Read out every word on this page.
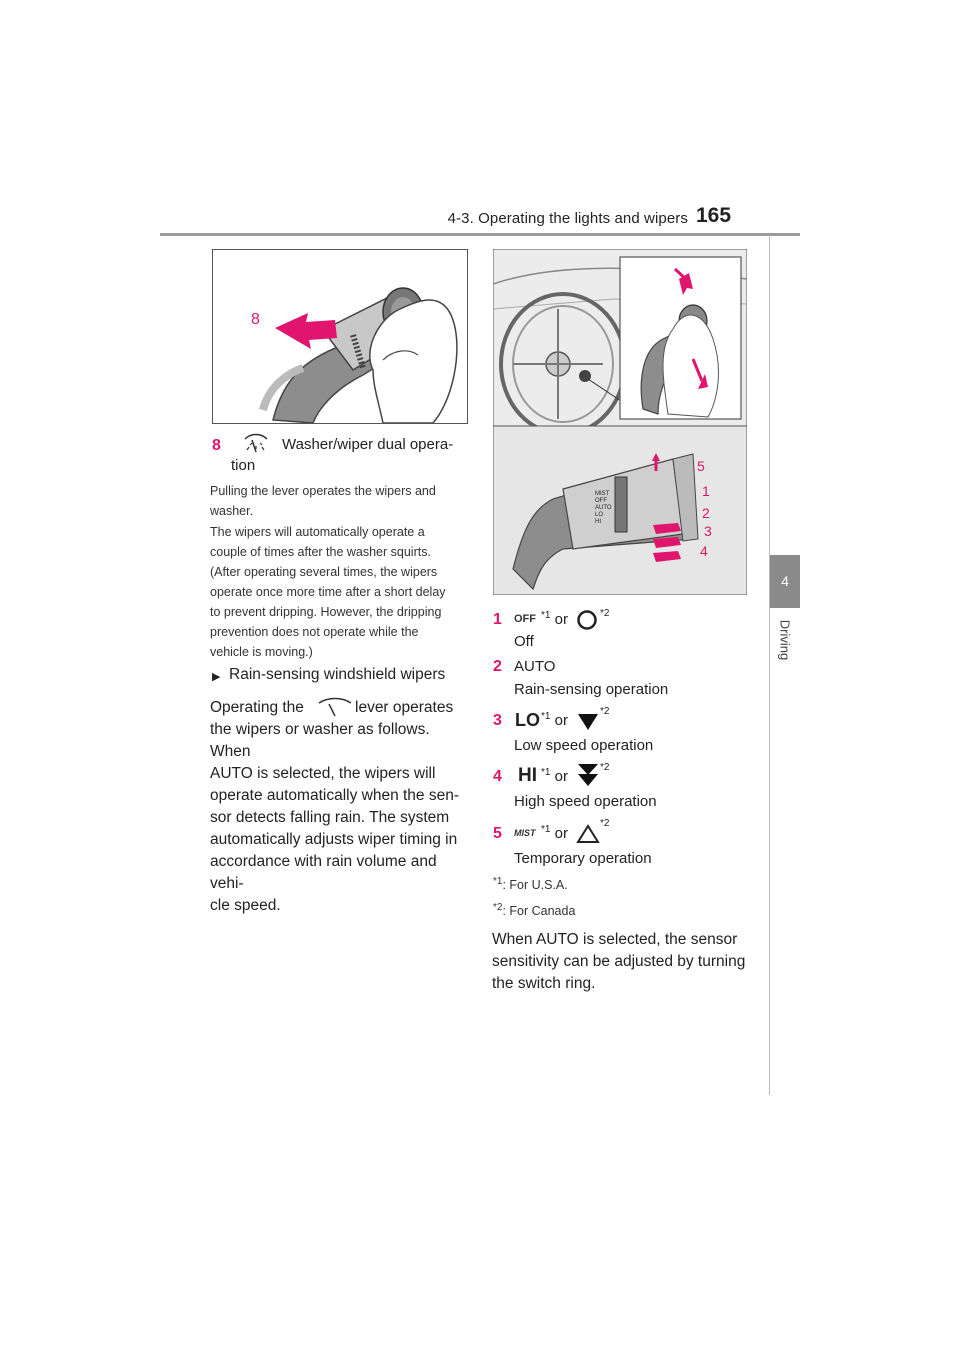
4-3. Operating the lights and wipers 165
4
Driving
8
MIST
OFF
AUTO
LO
HI
5
1
2
3
4
8	Washer/wiper dual opera-
tion
Pulling the lever operates the wipers and
washer.
The wipers will automatically operate a
couple of times after the washer squirts.
(After operating several times, the wipers
operate once more time after a short delay
to prevent dripping. However, the dripping
prevention does not operate while the
vehicle is moving.)
▶ Rain-sensing windshield wipers
Operating the	lever operates
the wipers or washer as follows. When
AUTO is selected, the wipers will
operate automatically when the sen-
sor detects falling rain. The system
automatically adjusts wiper timing in
accordance with rain volume and vehi-
cle speed.
1 OFF $^{*1}$ or	$^{*2}$
Off
2 AUTO
Rain-sensing operation
3 LO $^{*1}$ or
$^{*2}$
Low speed operation
4 HI $^{*1}$ or
$^{*2}$
High speed operation
5 MIST $^{*1}$ or
$^{*2}$
Temporary operation
$^{*1}$: For U.S.A.
$^{*2}$: For Canada
When AUTO is selected, the sensor
sensitivity can be adjusted by turning
the switch ring.
